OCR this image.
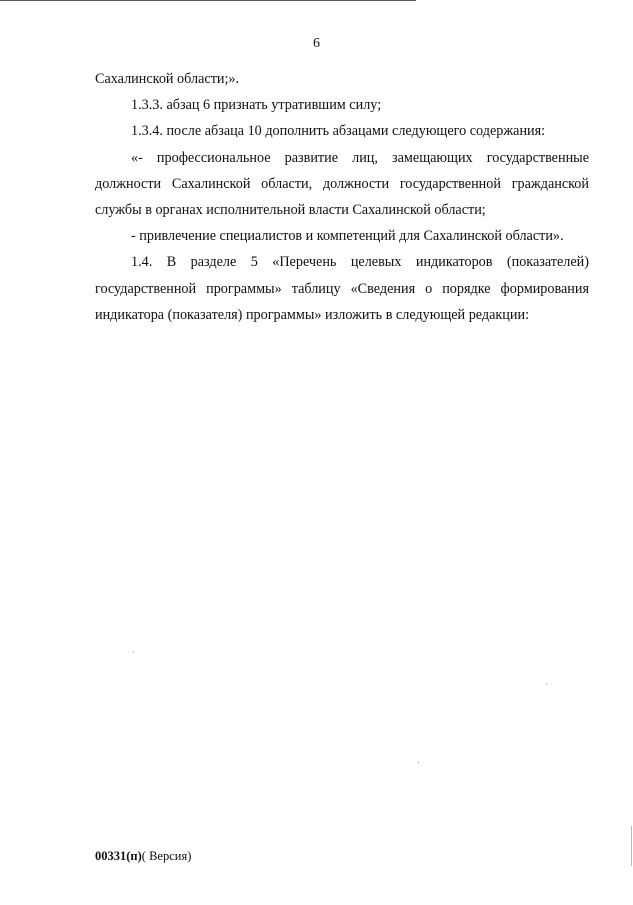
6

Сахалинской области;».

1.3.3. абзац 6 признать утратившим силу;

1.3.4. после абзаца 10 дополнить абзацами следующего содержания:

«- профессиональное развитие лиц, замещающих государственные должности Сахалинской области, должности государственной гражданской службы в органах исполнительной власти Сахалинской области;

- привлечение специалистов и компетенций для Сахалинской области».

1.4. В разделе 5 «Перечень целевых индикаторов (показателей) государственной программы» таблицу «Сведения о порядке формирования индикатора (показателя) программы» изложить в следующей редакции:

00331(п)( Версия)
